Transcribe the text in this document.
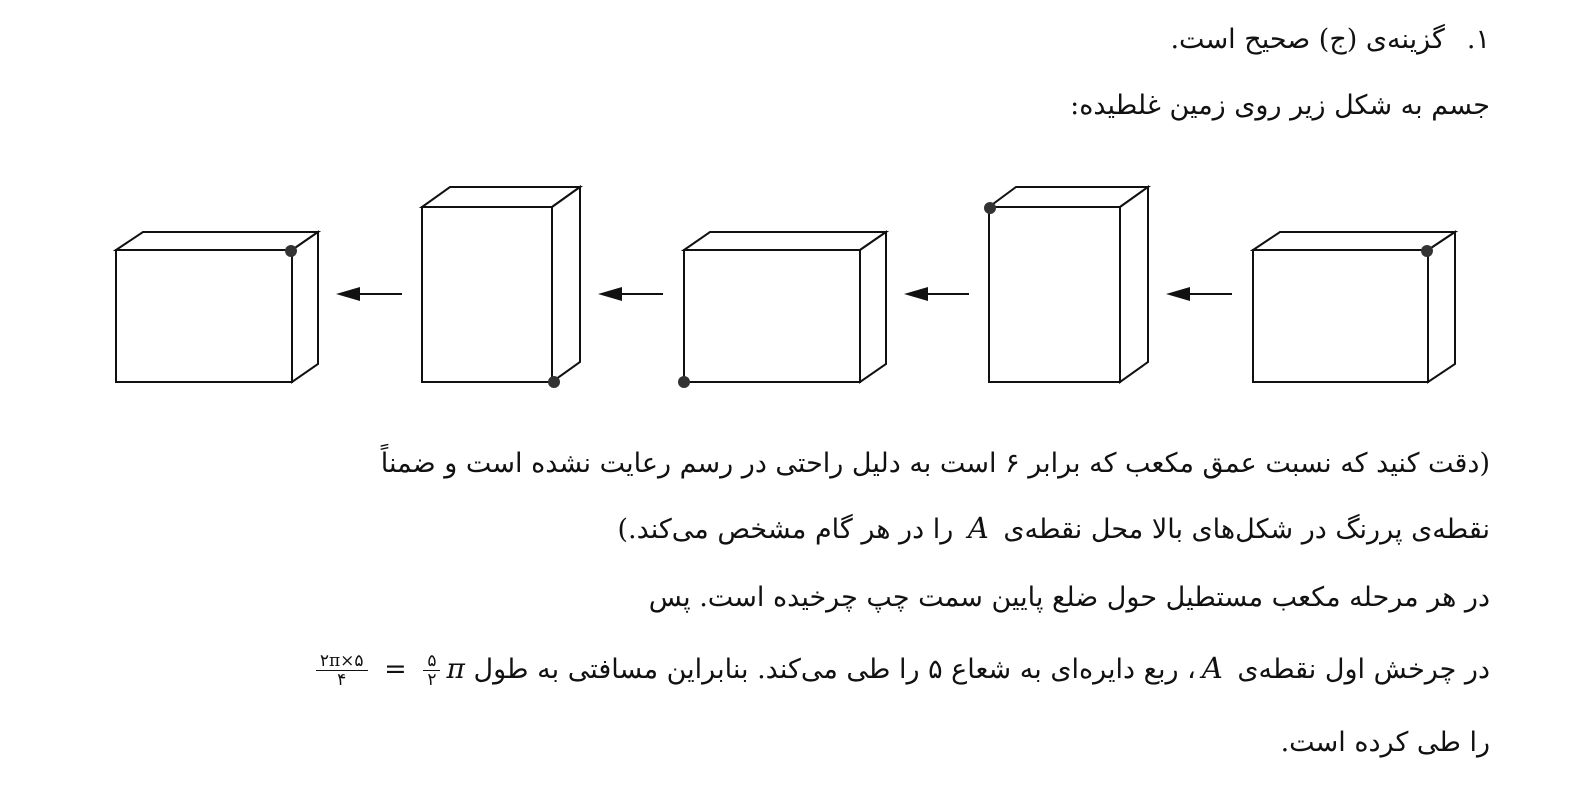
۱.گزینه‌ی (ج) صحیح است.
جسم به شکل زیر روی زمین غلطیده:
(دقت کنید که نسبت عمق مکعب که برابر ۶ است به دلیل راحتی در رسم رعایت نشده است و ضمناً
نقطه‌ی پررنگ در شکل‌های بالا محل نقطه‌ی A را در هر گام مشخص می‌کند.)
در هر مرحله مکعب مستطیل حول ضلع پایین سمت چپ چرخیده است. پس
در چرخش اول نقطه‌ی A، ربع دایره‌ای به شعاع ۵ را طی می‌کند. بنابراین مسافتی به طول
$\frac{۲\pi\times ۵}{۴} = \frac{۵}{۲}$ π
را طی کرده است.
